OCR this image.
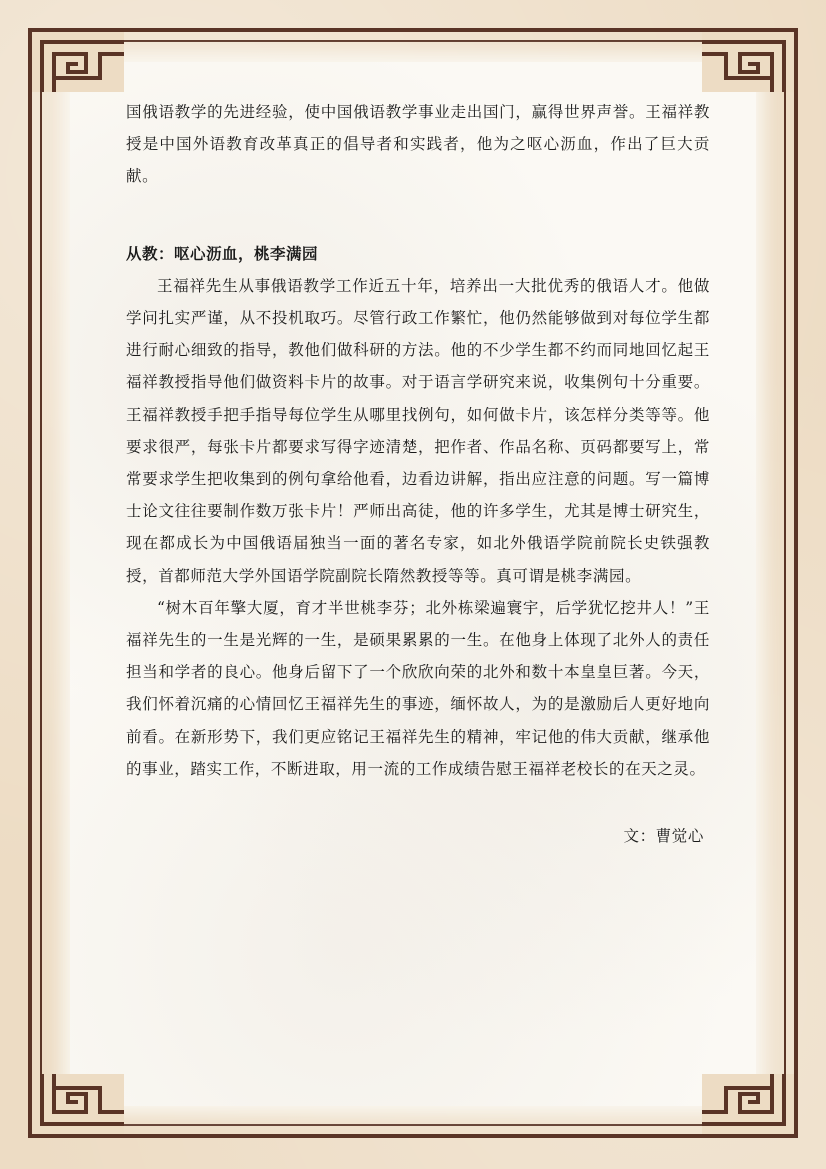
国俄语教学的先进经验，使中国俄语教学事业走出国门，赢得世界声誉。王福祥教授是中国外语教育改革真正的倡导者和实践者，他为之呕心沥血，作出了巨大贡献。

从教：呕心沥血，桃李满园

王福祥先生从事俄语教学工作近五十年，培养出一大批优秀的俄语人才。他做学问扎实严谨，从不投机取巧。尽管行政工作繁忙，他仍然能够做到对每位学生都进行耐心细致的指导，教他们做科研的方法。他的不少学生都不约而同地回忆起王福祥教授指导他们做资料卡片的故事。对于语言学研究来说，收集例句十分重要。王福祥教授手把手指导每位学生从哪里找例句，如何做卡片，该怎样分类等等。他要求很严，每张卡片都要求写得字迹清楚，把作者、作品名称、页码都要写上，常常要求学生把收集到的例句拿给他看，边看边讲解，指出应注意的问题。写一篇博士论文往往要制作数万张卡片！严师出高徒，他的许多学生，尤其是博士研究生，现在都成长为中国俄语届独当一面的著名专家，如北外俄语学院前院长史铁强教授，首都师范大学外国语学院副院长隋然教授等等。真可谓是桃李满园。

“树木百年擎大厦，育才半世桃李芬；北外栋梁遍寰宇，后学犹忆挖井人！”王福祥先生的一生是光辉的一生，是硕果累累的一生。在他身上体现了北外人的责任担当和学者的良心。他身后留下了一个欣欣向荣的北外和数十本皇皇巨著。今天，我们怀着沉痛的心情回忆王福祥先生的事迹，缅怀故人，为的是激励后人更好地向前看。在新形势下，我们更应铭记王福祥先生的精神，牢记他的伟大贡献，继承他的事业，踏实工作，不断进取，用一流的工作成绩告慰王福祥老校长的在天之灵。

文：曹觉心
